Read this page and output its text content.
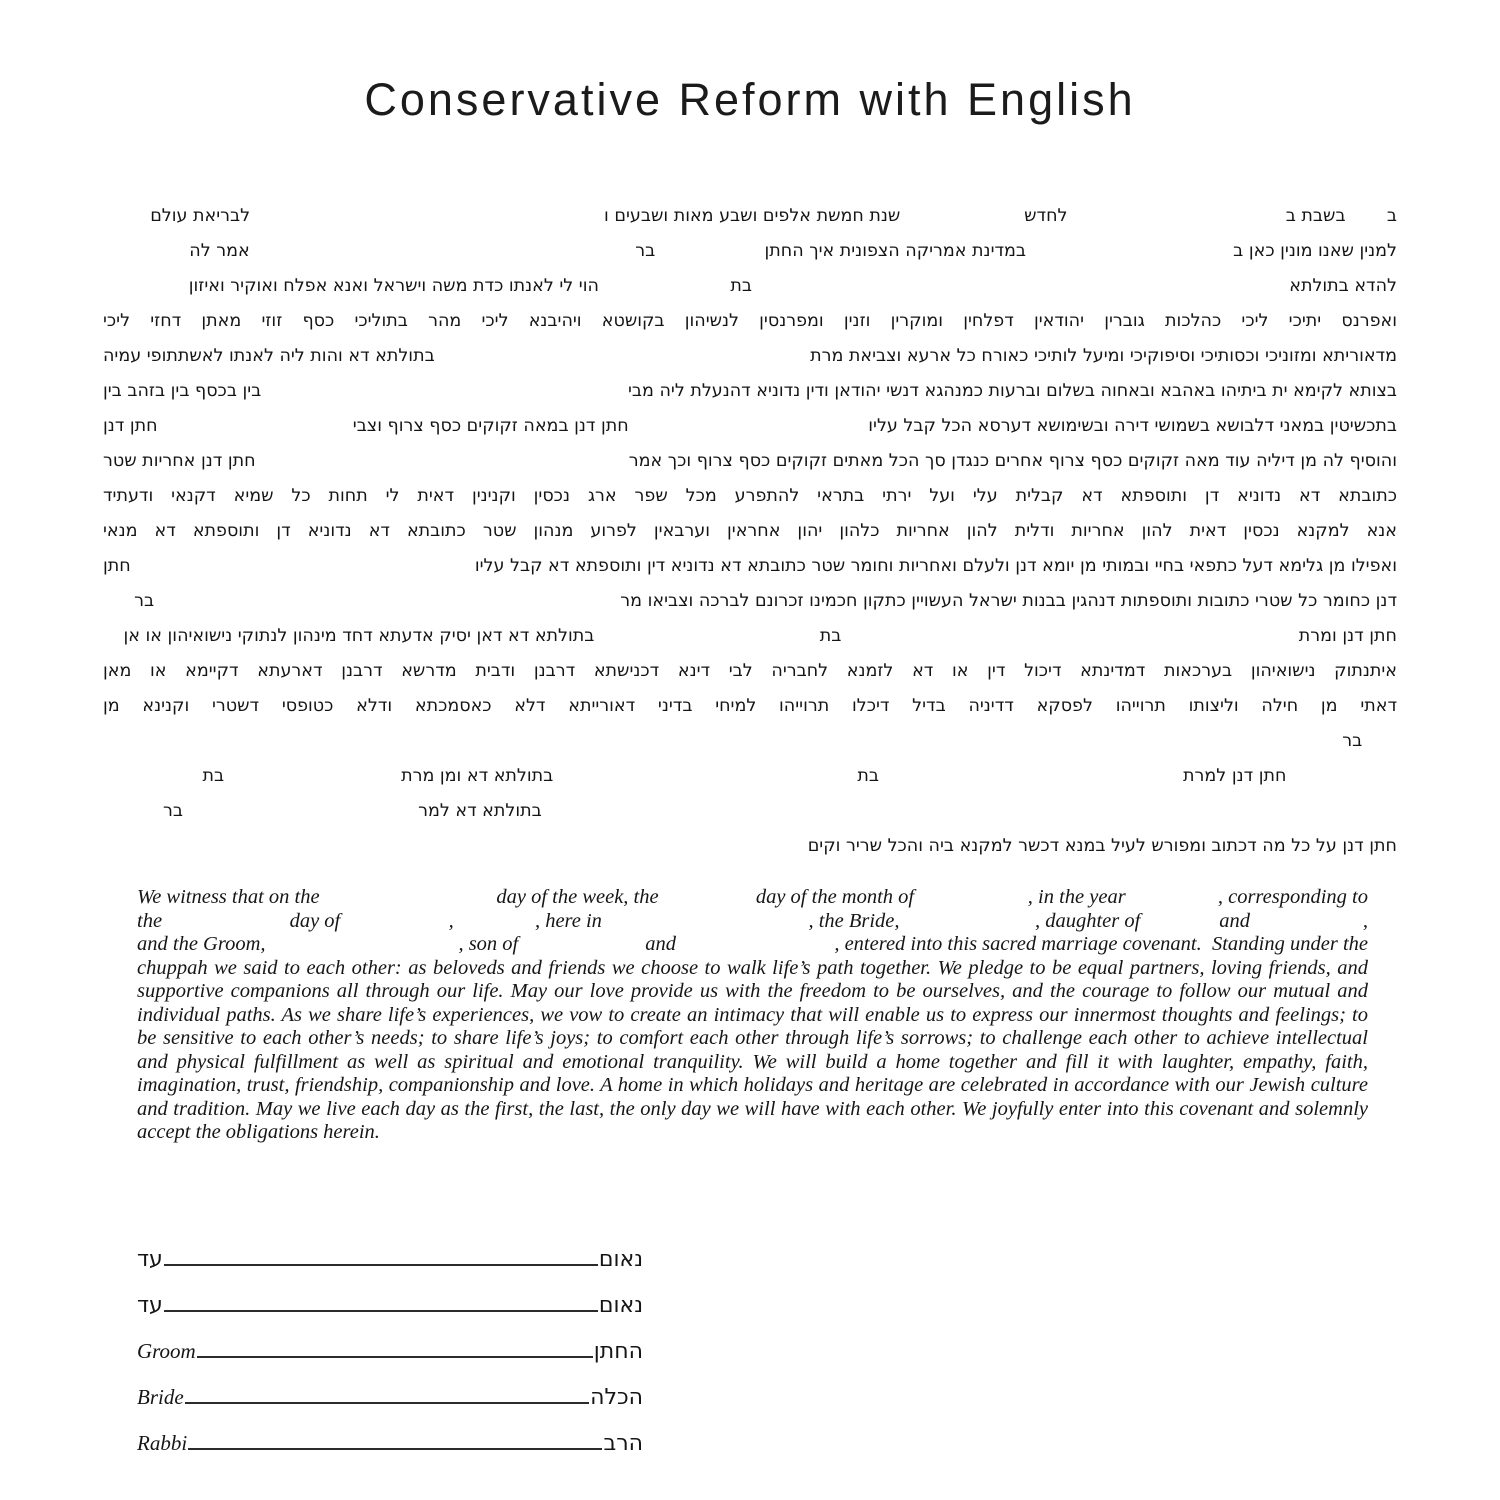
Conservative Reform with English
ב
בשבת ב
לחדש
שנת חמשת אלפים ושבע מאות ושבעים ו
לבריאת עולם
למנין שאנו מונין כאן ב
במדינת אמריקה הצפונית איך החתן
בר
אמר לה
להדא בתולתא
בת
הוי לי לאנתו כדת משה וישראל ואנא אפלח ואוקיר ואיזון
ואפרנס יתיכי ליכי כהלכות גוברין יהודאין דפלחין ומוקרין וזנין ומפרנסין לנשיהון בקושטא ויהיבנא ליכי מהר בתוליכי כסף זוזי מאתן דחזי ליכי
מדאוריתא ומזוניכי וכסותיכי וסיפוקיכי ומיעל לותיכי כאורח כל ארעא וצביאת מרת
בתולתא דא והות ליה לאנתו לאשתתופי עמיה
בצותא לקימא ית ביתיהו באהבא ובאחוה בשלום וברעות כמנהגא דנשי יהודאן ודין נדוניא דהנעלת ליה מבי
בין בכסף בין בזהב בין
בתכשיטין במאני דלבושא בשמושי דירה ובשימושא דערסא הכל קבל עליו
חתן דנן במאה זקוקים כסף צרוף וצבי
חתן דנן
והוסיף לה מן דיליה עוד מאה זקוקים כסף צרוף אחרים כנגדן סך הכל מאתים זקוקים כסף צרוף וכך אמר
חתן דנן אחריות שטר
כתובתא דא נדוניא דן ותוספתא דא קבלית עלי ועל ירתי בתראי להתפרע מכל שפר ארג נכסין וקנינין דאית לי תחות כל שמיא דקנאי ודעתיד
אנא למקנא נכסין דאית להון אחריות ודלית להון אחריות כלהון יהון אחראין וערבאין לפרוע מנהון שטר כתובתא דא נדוניא דן ותוספתא דא מנאי
ואפילו מן גלימא דעל כתפאי בחיי ובמותי מן יומא דנן ולעלם ואחריות וחומר שטר כתובתא דא נדוניא דין ותוספתא דא קבל עליו
חתן
דנן כחומר כל שטרי כתובות ותוספתות דנהגין בבנות ישראל העשויין כתקון חכמינו זכרונם לברכה וצביאו מר
בר
חתן דנן ומרת
בת
בתולתא דא דאן יסיק אדעתא דחד מינהון לנתוקי נישואיהון או אן
איתנתוק נישואיהון בערכאות דמדינתא דיכול דין או דא לזמנא לחבריה לבי דינא דכנישתא דרבנן ודבית מדרשא דרבנן דארעתא דקיימא או מאן
דאתי מן חילה וליצותו תרוייהו לפסקא דדיניה בדיל דיכלו תרוייהו למיחי בדיני דאורייתא דלא כאסמכתא ודלא כטופסי דשטרי וקנינא מן
בר
חתן דנן למרת
בת
בתולתא דא ומן מרת
בת
בתולתא דא למר
בר
חתן דנן על כל מה דכתוב ומפורש לעיל במנא דכשר למקנא ביה והכל שריר וקים
We witness that on the	day of the week, the	day of the month of	, in the year	, corresponding to
the	day of	,	, here in	, the Bride,	, daughter of	and	,
and the Groom,	, son of	and	, entered into this sacred marriage covenant.  Standing under the

chuppah we said to each other: as beloveds and friends we choose to walk life’s path together. We pledge to be equal partners, loving friends, and supportive companions all through our life. May our love provide us with the freedom to be ourselves, and the courage to follow our mutual and individual paths. As we share life’s experiences, we vow to create an intimacy that will enable us to express our innermost thoughts and feelings; to be sensitive to each other’s needs; to share life’s joys; to comfort each other through life’s sorrows; to challenge each other to achieve intellectual and physical fulfillment as well as spiritual and emotional tranquility. We will build a home together and fill it with laughter, empathy, faith, imagination, trust, friendship, companionship and love. A home in which holidays and heritage are celebrated in accordance with our Jewish culture and tradition. May we live each day as the first, the last, the only day we will have with each other. We joyfully enter into this covenant and solemnly accept the obligations herein.

עד	נאום
עד	נאום
Groom	החתן
Bride	הכלה
Rabbi	הרב
